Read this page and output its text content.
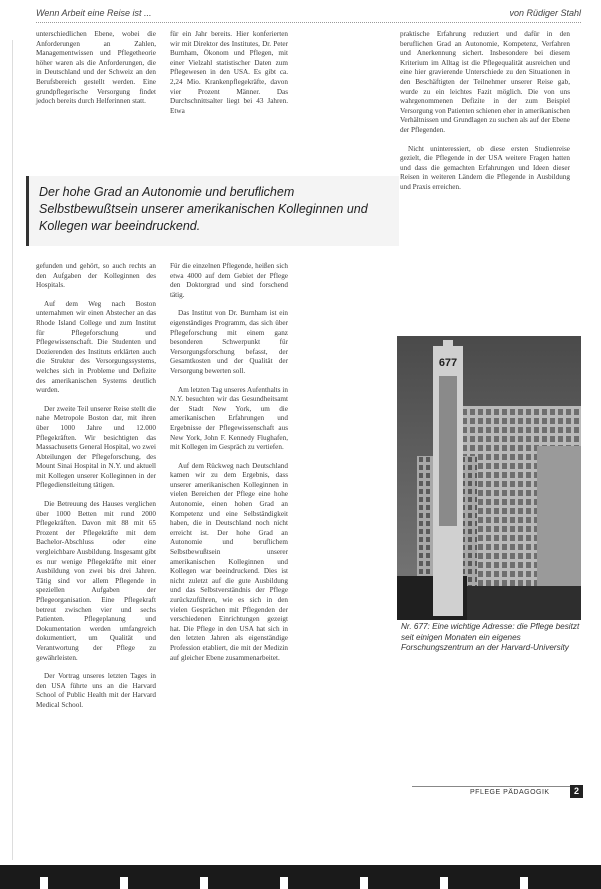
Wenn Arbeit eine Reise ist ...	von Rüdiger Stahl

unterschiedlichen Ebene, wobei die Anforderungen an Zahlen, Managementwissen und Pflegetheorie höher waren als die Anforderungen, die in Deutschland und der Schweiz an den Berufsbereich gestellt werden. Eine grundpflegerische Versorgung findet jedoch bereits durch Helferinnen statt.

für ein Jahr bereits. Hier konferierten wir mit Direktor des Institutes, Dr. Peter Burnham, Ökonom und Pflegen, mit einer Vielzahl statistischer Daten zum Pflegewesen in den USA. Es gibt ca. 2,24 Mio. Krankenpflegekräfte, davon vier Prozent Männer. Das Durchschnittsalter liegt bei 43 Jahren. Etwa

praktische Erfahrung reduziert und dafür in den beruflichen Grad an Autonomie, Kompetenz, Verfahren und Anerkennung sichert. Insbesondere bei diesem Kriterium im Alltag ist die Pflegequalität ausreichen und eine hier gravierende Unterschiede zu den Situationen in den Beschäftigten der Teilnehmer unserer Reise gab, wurde zu ein leichtes Fazit möglich. Die von uns wahrgenommenen Defizite in der zum Beispiel Versorgung von Patienten schienen eher in amerikanischen Verhältnissen und Grundlagen zu suchen als auf der Ebene der Pflegenden.

Nicht uninteressiert, ob diese ersten Studienreise gezielt, die Pflegende in der USA weitere Fragen hatten und dass die gemachten Erfahrungen und Ideen dieser Reisen in weiteren Ländern die Pflegende in Ausbildung und Praxis erreichen.

Der hohe Grad an Autonomie und beruflichem Selbstbewußtsein unserer amerikanischen Kolleginnen und Kollegen war beeindruckend.

gefunden und gehört, so auch rechts an den Aufgaben der Kolleginnen des Hospitals.

Auf dem Weg nach Boston unternahmen wir einen Abstecher an das Rhode Island College und zum Institut für Pflegeforschung und Pflegewissenschaft. Die Studenten und Dozierenden des Instituts erklärten auch die Struktur des Versorgungssystems, welches sich in Probleme und Defizite des amerikanischen Systems deutlich wurden.

Der zweite Teil unserer Reise stellt die nahe Metropole Boston dar, mit ihren über 1000 Jahre und 12.000 Pflegekräften. Wir besichtigten das Massachusetts General Hospital, wo zwei Abteilungen der Pflegeforschung, des Mount Sinai Hospital in N.Y. und aktuell mit Kollegen unserer Kolleginnen in der Pflegedienstleitung tätigen.

Die Betreuung des Hauses verglichen über 1000 Betten mit rund 2000 Pflegekräften. Davon mit 88 mit 65 Prozent der Pflegekräfte mit dem Bachelor-Abschluss oder eine vergleichbare Ausbildung. Insgesamt gibt es nur wenige Pflegekräfte mit einer Ausbildung von zwei bis drei Jahren. Tätig sind vor allem Pflegende in speziellen Aufgaben der Pflegeorganisation. Eine Pflegekraft betreut zwischen vier und sechs Patienten. Pflegeplanung und Dokumentation werden umfangreich dokumentiert, um Qualität und Verantwortung der Pflege zu gewährleisten.

Der Vortrag unseres letzten Tages in den USA führte uns an die Harvard School of Public Health mit der Harvard Medical School.

Für die einzelnen Pflegende, heißen sich etwa 4000 auf dem Gebiet der Pflege den Doktorgrad und sind forschend tätig.

Das Institut von Dr. Burnham ist ein eigenständiges Programm, das sich über Pflegeforschung mit einem ganz besonderen Schwerpunkt für Versorgungsforschung befasst, der Gesamtkosten und der Qualität der Versorgung bewerten soll.

Am letzten Tag unseres Aufenthalts in N.Y. besuchten wir das Gesundheitsamt der Stadt New York, um die amerikanischen Erfahrungen und Ergebnisse der Pflegewissenschaft aus New York, John F. Kennedy Flughafen, mit Kollegen im Gespräch zu vertiefen.

Auf dem Rückweg nach Deutschland kamen wir zu dem Ergebnis, dass unserer amerikanischen Kolleginnen in vielen Bereichen der Pflege eine hohe Autonomie, einen hohen Grad an Kompetenz und eine Selbständigkeit haben, die in Deutschland noch nicht erreicht ist. Der hohe Grad an Autonomie und beruflichem Selbstbewußtsein unserer amerikanischen Kolleginnen und Kollegen war beeindruckend. Dies ist nicht zuletzt auf die gute Ausbildung und das Selbstverständnis der Pflege zurückzuführen, wie es sich in den vielen Gesprächen mit Pflegenden der verschiedenen Einrichtungen gezeigt hat. Die Pflege in den USA hat sich in den letzten Jahren als eigenständige Profession etabliert, die mit der Medizin auf gleicher Ebene zusammenarbeitet.

677
Nr. 677: Eine wichtige Adresse: die Pflege besitzt seit einigen Monaten ein eigenes Forschungszentrum an der Harvard-University
PFLEGE PÄDAGOGIK	2
